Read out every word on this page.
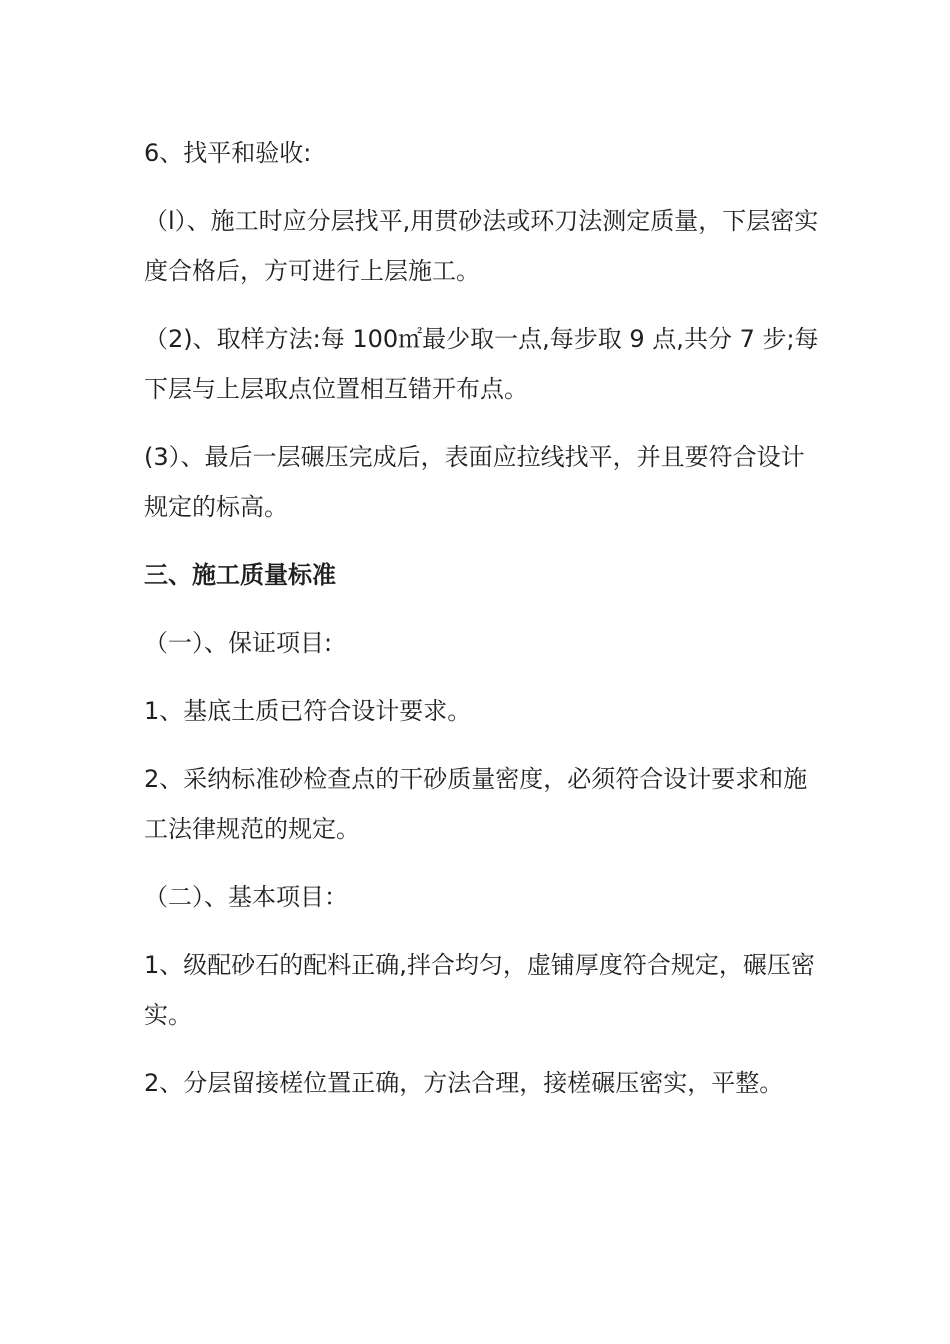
6、找平和验收:

（l）、施工时应分层找平,用贯砂法或环刀法测定质量，下层密实度合格后，方可进行上层施工。

（2)、取样方法:每 100㎡最少取一点,每步取 9 点,共分 7 步;每下层与上层取点位置相互错开布点。

(3）、最后一层碾压完成后，表面应拉线找平，并且要符合设计规定的标高。

三、施工质量标准

（一）、保证项目:

1、基底土质已符合设计要求。

2、采纳标准砂检查点的干砂质量密度，必须符合设计要求和施工法律规范的规定。

（二）、基本项目：

1、级配砂石的配料正确,拌合均匀，虚铺厚度符合规定，碾压密实。

2、分层留接槎位置正确，方法合理，接槎碾压密实，平整。
